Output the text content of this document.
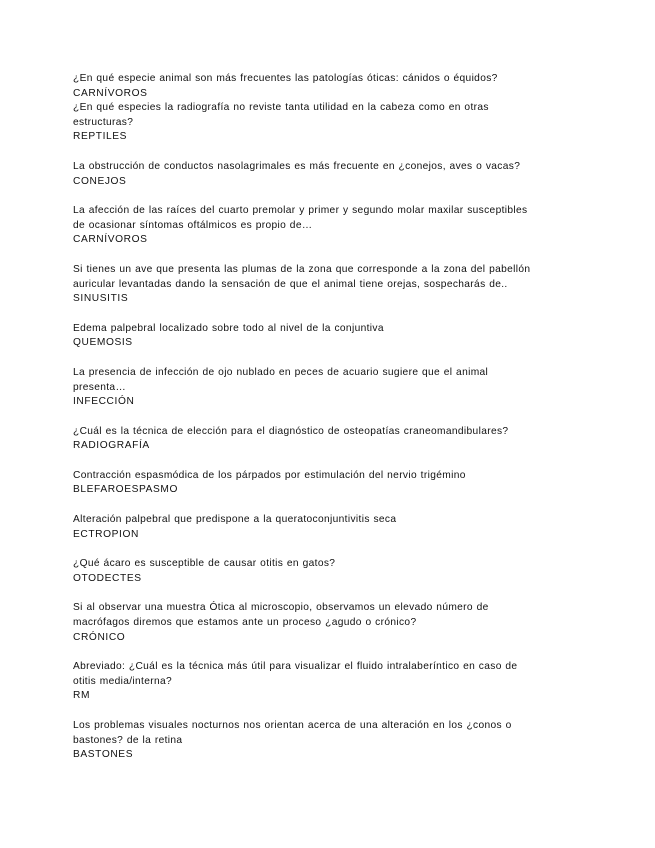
¿En qué especie animal son más frecuentes las patologías óticas: cánidos o équidos?

CARNÍVOROS

¿En qué especies la radiografía no reviste tanta utilidad en la cabeza como en otras estructuras?

REPTILES

La obstrucción de conductos nasolagrimales es más frecuente en ¿conejos, aves o vacas?

CONEJOS

La afección de las raíces del cuarto premolar y primer y segundo molar maxilar susceptibles de ocasionar síntomas oftálmicos es propio de…

CARNÍVOROS

Si tienes un ave que presenta las plumas de la zona que corresponde a la zona del pabellón auricular levantadas dando la sensación de que el animal tiene orejas, sospecharás de..

SINUSITIS

Edema palpebral localizado sobre todo al nivel de la conjuntiva

QUEMOSIS

La presencia de infección de ojo nublado en peces de acuario sugiere que el animal presenta…

INFECCIÓN

¿Cuál es la técnica de elección para el diagnóstico de osteopatías craneomandibulares?

RADIOGRAFÍA

Contracción espasmódica de los párpados por estimulación del nervio trigémino

BLEFAROESPASMO

Alteración palpebral que predispone a la queratoconjuntivitis seca

ECTROPION

¿Qué ácaro es susceptible de causar otitis en gatos?

OTODECTES

Si al observar una muestra Ótica al microscopio, observamos un elevado número de macrófagos diremos que estamos ante un proceso ¿agudo o crónico?

CRÓNICO

Abreviado: ¿Cuál es la técnica más útil para visualizar el fluido intralaberíntico en caso de otitis media/interna?

RM

Los problemas visuales nocturnos nos orientan acerca de una alteración en los ¿conos o bastones? de la retina

BASTONES
